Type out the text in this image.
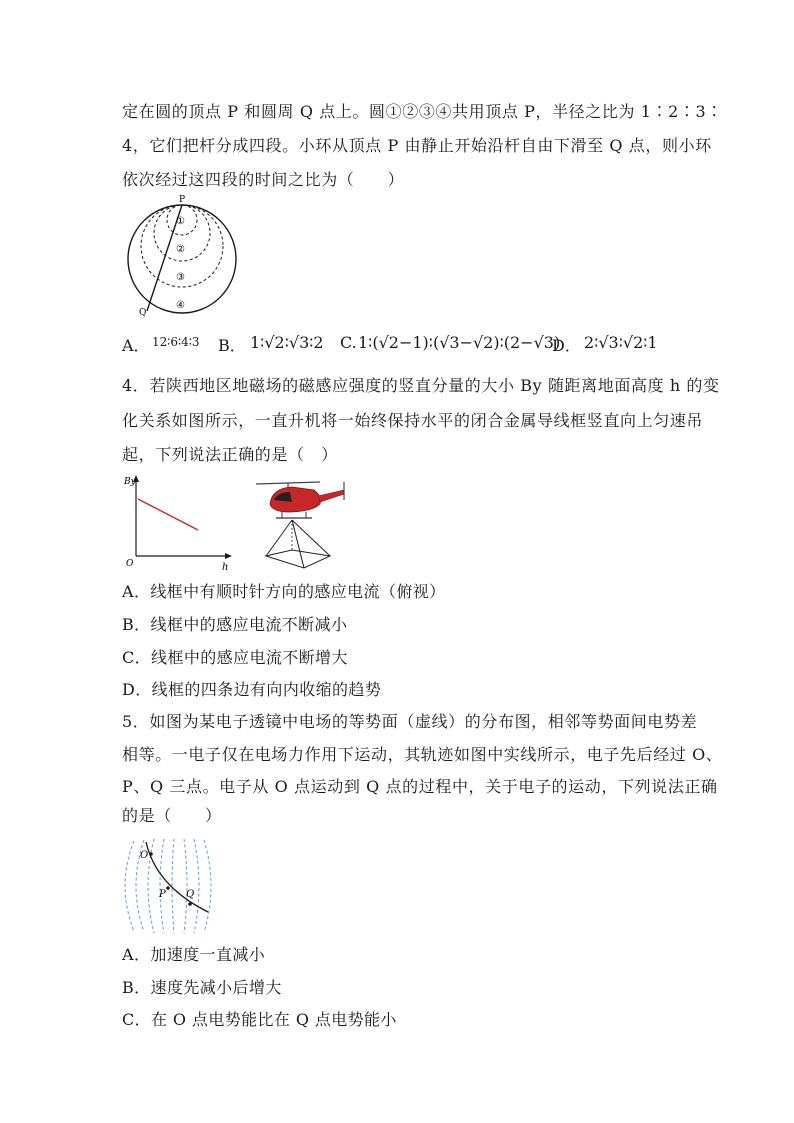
定在圆的顶点 P 和圆周 Q 点上。圆①②③④共用顶点 P，半径之比为 1∶2∶3∶
4，它们把杆分成四段。小环从顶点 P 由静止开始沿杆自由下滑至 Q 点，则小环
依次经过这四段的时间之比为（　　）
P
Q
①
②
③
④
A． 12∶6∶4∶3 B． 1∶√2∶√3∶2 C. 1∶(√2−1)∶(√3−√2)∶(2−√3)
D． 2∶√3∶√2∶1
4．若陕西地区地磁场的磁感应强度的竖直分量的大小 By 随距离地面高度 h 的变
化关系如图所示，一直升机将一始终保持水平的闭合金属导线框竖直向上匀速吊
起，下列说法正确的是（　）
By
h
O
A．线框中有顺时针方向的感应电流（俯视）
B．线框中的感应电流不断减小
C．线框中的感应电流不断增大
D．线框的四条边有向内收缩的趋势
5．如图为某电子透镜中电场的等势面（虚线）的分布图，相邻等势面间电势差
相等。一电子仅在电场力作用下运动，其轨迹如图中实线所示，电子先后经过 O、
P、Q 三点。电子从 O 点运动到 Q 点的过程中，关于电子的运动，下列说法正确
的是（　　）
O
P Q
A．加速度一直减小
B．速度先减小后增大
C．在 O 点电势能比在 Q 点电势能小
